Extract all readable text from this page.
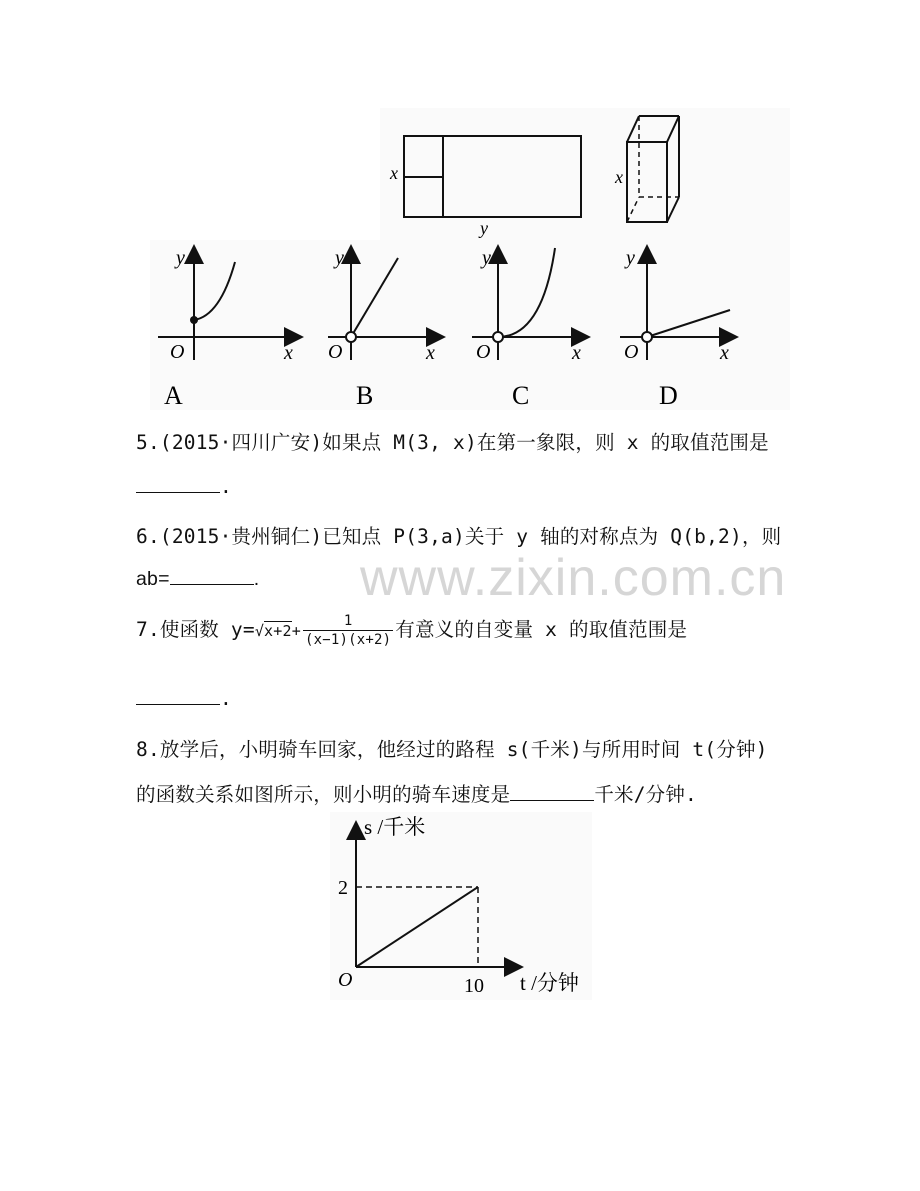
x
y
x
y
x
O
A
y
x
O
B
y
x
O
C
y
x
O
D
5.(2015·四川广安)如果点 M(3, x)在第一象限，则 x 的取值范围是
.
www.zixin.com.cn
6.(2015·贵州铜仁)已知点 P(3,a)关于 y 轴的对称点为 Q(b,2)，则
ab=	.
7.使函数 $y=√x+2+ \frac{1}{(x-1)(x+2)}$ 有意义的自变量 x 的取值范围是
.
8.放学后，小明骑车回家，他经过的路程 s(千米)与所用时间 t(分钟)
的函数关系如图所示，则小明的骑车速度是	千米/分钟.
s /千米
t /分钟
O
2
10
